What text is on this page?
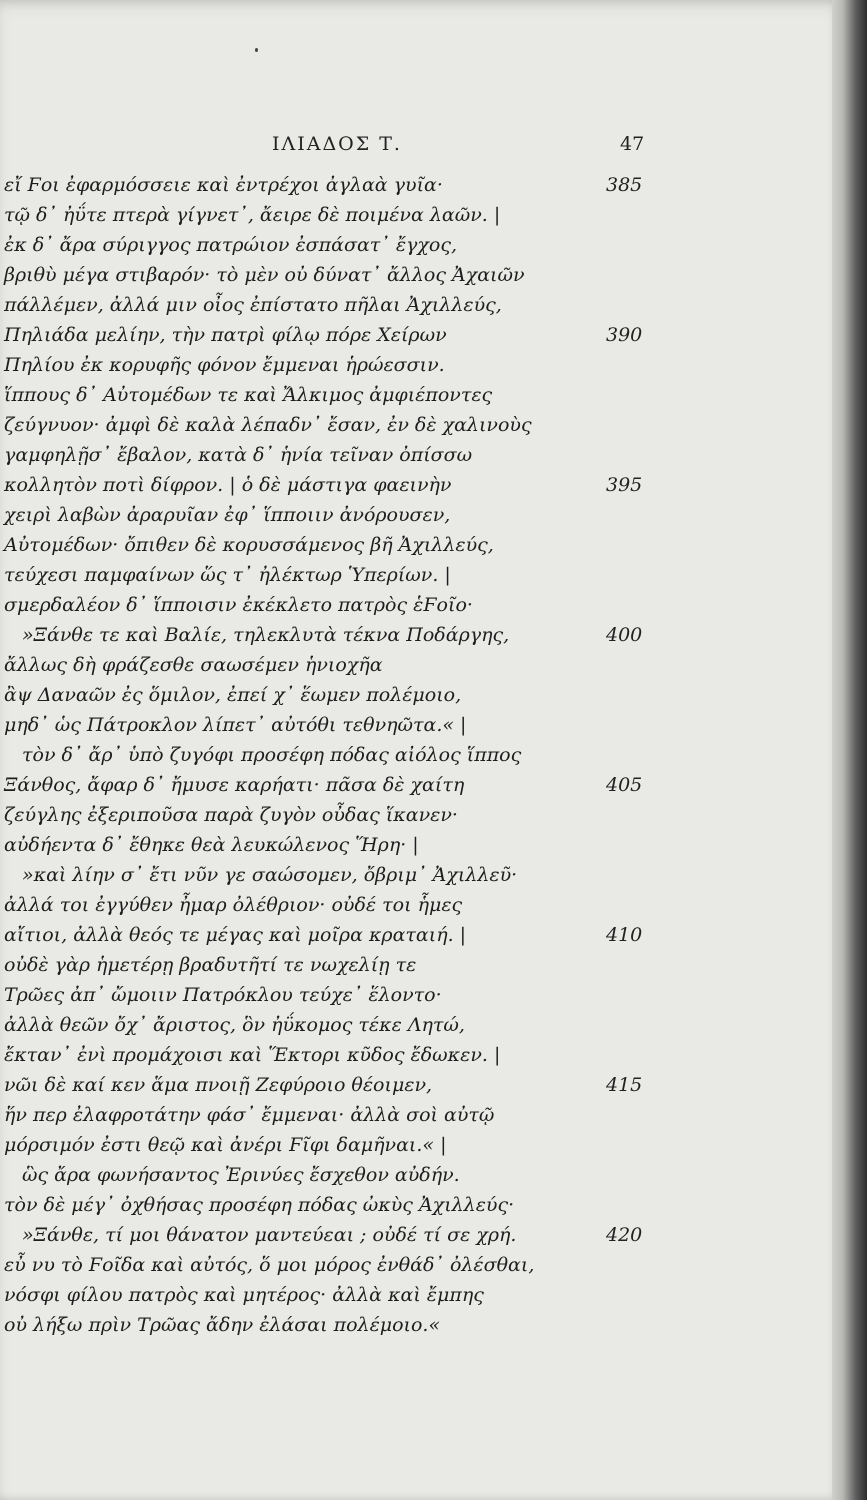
ΙΛΙΑΔΟΣ Τ.	47
εἴ Ϝοι ἐφαρμόσσειε καὶ ἐντρέχοι ἀγλαὰ γυῖα·	385
τῷ δ᾽ ἠΰτε πτερὰ γίγνετ᾽, ἄειρε δὲ ποιμένα λαῶν. |
ἐκ δ᾽ ἄρα σύριγγος πατρώιον ἐσπάσατ᾽ ἔγχος,
βριθὺ μέγα στιβαρόν· τὸ μὲν οὐ δύνατ᾽ ἄλλος Ἀχαιῶν
πάλλέμεν, ἀλλά μιν οἶος ἐπίστατο πῆλαι Ἀχιλλεύς,
Πηλιάδα μελίην, τὴν πατρὶ φίλῳ πόρε Χείρων	390
Πηλίου ἐκ κορυφῆς φόνον ἔμμεναι ἡρώεσσιν.
ἵππους δ᾽ Αὐτομέδων τε καὶ Ἄλκιμος ἀμφιέποντες
ζεύγνυον· ἀμφὶ δὲ καλὰ λέπαδν᾽ ἔσαν, ἐν δὲ χαλινοὺς
γαμφηλῇσ᾽ ἔβαλον, κατὰ δ᾽ ἡνία τεῖναν ὀπίσσω
κολλητὸν ποτὶ δίφρον. | ὁ δὲ μάστιγα φαεινὴν	395
χειρὶ λαβὼν ἀραρυῖαν ἐφ᾽ ἵπποιιν ἀνόρουσεν,
Αὐτομέδων· ὄπιθεν δὲ κορυσσάμενος βῆ Ἀχιλλεύς,
τεύχεσι παμφαίνων ὥς τ᾽ ἠλέκτωρ Ὑπερίων. |
σμερδαλέον δ᾽ ἵπποισιν ἐκέκλετο πατρὸς ἑϜοῖο·
»Ξάνθε τε καὶ Βαλίε, τηλεκλυτὰ τέκνα Ποδάργης,	400
ἄλλως δὴ φράζεσθε σαωσέμεν ἡνιοχῆα
ἂψ Δαναῶν ἐς ὅμιλον, ἐπεί χ᾽ ἕωμεν πολέμοιο,
μηδ᾽ ὡς Πάτροκλον λίπετ᾽ αὐτόθι τεθνηῶτα.« |
τὸν δ᾽ ἄρ᾽ ὑπὸ ζυγόφι προσέφη πόδας αἰόλος ἵππος
Ξάνθος, ἄφαρ δ᾽ ἤμυσε καρήατι· πᾶσα δὲ χαίτη	405
ζεύγλης ἐξεριποῦσα παρὰ ζυγὸν οὖδας ἵκανεν·
αὐδήεντα δ᾽ ἔθηκε θεὰ λευκώλενος Ἥρη· |
»καὶ λίην σ᾽ ἔτι νῦν γε σαώσομεν, ὄβριμ᾽ Ἀχιλλεῦ·
ἀλλά τοι ἐγγύθεν ἦμαρ ὀλέθριον· οὐδέ τοι ἧμες
αἴτιοι, ἀλλὰ θεός τε μέγας καὶ μοῖρα κραταιή. |	410
οὐδὲ γὰρ ἡμετέρῃ βραδυτῆτί τε νωχελίῃ τε
Τρῶες ἀπ᾽ ὤμοιιν Πατρόκλου τεύχε᾽ ἕλοντο·
ἀλλὰ θεῶν ὄχ᾽ ἄριστος, ὃν ἠΰκομος τέκε Λητώ,
ἔκταν᾽ ἐνὶ προμάχοισι καὶ Ἕκτορι κῦδος ἔδωκεν. |
νῶι δὲ καί κεν ἅμα πνοιῇ Ζεφύροιο θέοιμεν,	415
ἥν περ ἐλαφροτάτην φάσ᾽ ἔμμεναι· ἀλλὰ σοὶ αὐτῷ
μόρσιμόν ἐστι θεῷ καὶ ἀνέρι Ϝῖφι δαμῆναι.« |
ὣς ἄρα φωνήσαντος Ἐρινύες ἔσχεθον αὐδήν.
τὸν δὲ μέγ᾽ ὀχθήσας προσέφη πόδας ὠκὺς Ἀχιλλεύς·
»Ξάνθε, τί μοι θάνατον μαντεύεαι ; οὐδέ τί σε χρή.	420
εὖ νυ τὸ Ϝοῖδα καὶ αὐτός, ὅ μοι μόρος ἐνθάδ᾽ ὀλέσθαι,
νόσφι φίλου πατρὸς καὶ μητέρος· ἀλλὰ καὶ ἔμπης
οὐ λήξω πρὶν Τρῶας ἄδην ἐλάσαι πολέμοιο.«
